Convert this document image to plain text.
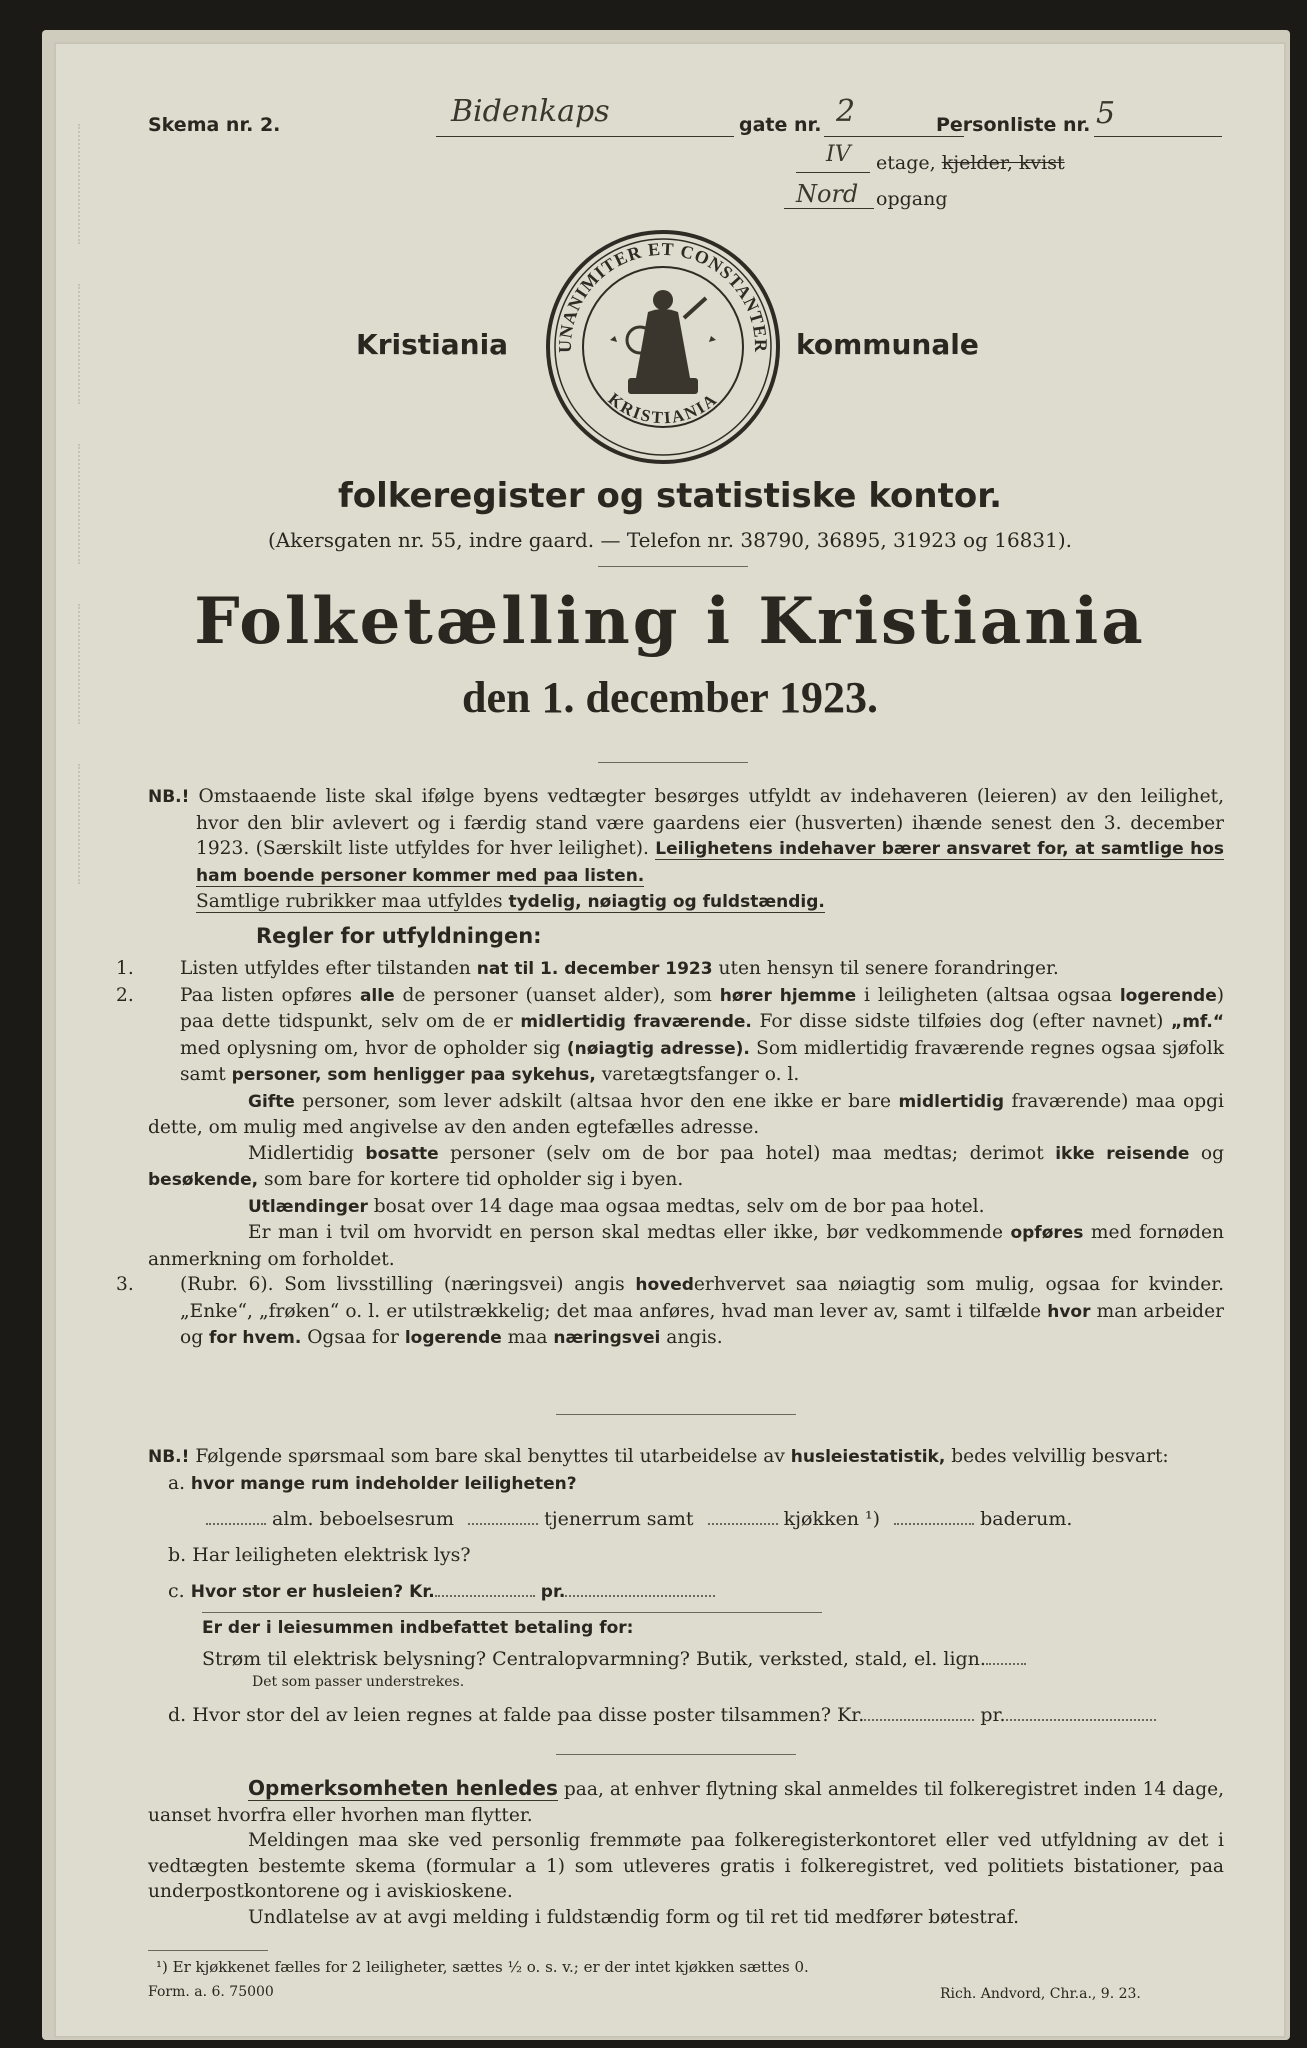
Skema nr. 2.	Bidenkaps	gate nr. 2	Personliste nr. 5
IV etage, kjelder, kvist
Nord opgang
Kristiania	kommunale
UNANIMITER ET CONSTANTER
KRISTIANIA
folkeregister og statistiske kontor.
(Akersgaten nr. 55, indre gaard. — Telefon nr. 38790, 36895, 31923 og 16831).
Folketælling i Kristiania
den 1. december 1923.

NB.! Omstaaende liste skal ifølge byens vedtægter besørges utfyldt av indehaveren (leieren) av den leilighet, hvor den blir avlevert og i færdig stand være gaardens eier (husverten) ihænde senest den 3. december 1923. (Særskilt liste utfyldes for hver leilighet). Leilighetens indehaver bærer ansvaret for, at samtlige hos ham boende personer kommer med paa listen.

Samtlige rubrikker maa utfyldes tydelig, nøiagtig og fuldstændig.

Regler for utfyldningen:

1. Listen utfyldes efter tilstanden nat til 1. december 1923 uten hensyn til senere forandringer.

2. Paa listen opføres alle de personer (uanset alder), som hører hjemme i leiligheten (altsaa ogsaa logerende) paa dette tidspunkt, selv om de er midlertidig fraværende. For disse sidste tilføies dog (efter navnet) „mf.“ med oplysning om, hvor de opholder sig (nøiagtig adresse). Som midlertidig fraværende regnes ogsaa sjøfolk samt personer, som henligger paa sykehus, varetægtsfanger o. l.

Gifte personer, som lever adskilt (altsaa hvor den ene ikke er bare midlertidig fraværende) maa opgi dette, om mulig med angivelse av den anden egtefælles adresse.

Midlertidig bosatte personer (selv om de bor paa hotel) maa medtas; derimot ikke reisende og besøkende, som bare for kortere tid opholder sig i byen.

Utlændinger bosat over 14 dage maa ogsaa medtas, selv om de bor paa hotel.

Er man i tvil om hvorvidt en person skal medtas eller ikke, bør vedkommende opføres med fornøden anmerkning om forholdet.

3. (Rubr. 6). Som livsstilling (næringsvei) angis hovederhvervet saa nøiagtig som mulig, ogsaa for kvinder. „Enke“, „frøken“ o. l. er utilstrækkelig; det maa anføres, hvad man lever av, samt i tilfælde hvor man arbeider og for hvem. Ogsaa for logerende maa næringsvei angis.

NB.! Følgende spørsmaal som bare skal benyttes til utarbeidelse av husleiestatistik, bedes velvillig besvart:

a. hvor mange rum indeholder leiligheten?

alm. beboelsesrum	tjenerrum samt	kjøkken ¹)	baderum.
b. Har leiligheten elektrisk lys?
c. Hvor stor er husleien? Kr.	pr.
Er der i leiesummen indbefattet betaling for:
Strøm til elektrisk belysning? Centralopvarmning? Butik, verksted, stald, el. lign.
Det som passer understrekes.
d. Hvor stor del av leien regnes at falde paa disse poster tilsammen? Kr.	pr.

Opmerksomheten henledes paa, at enhver flytning skal anmeldes til folkeregistret inden 14 dage, uanset hvorfra eller hvorhen man flytter.

Meldingen maa ske ved personlig fremmøte paa folkeregisterkontoret eller ved utfyldning av det i vedtægten bestemte skema (formular a 1) som utleveres gratis i folkeregistret, ved politiets bistationer, paa underpostkontorene og i aviskioskene.

Undlatelse av at avgi melding i fuldstændig form og til ret tid medfører bøtestraf.

¹) Er kjøkkenet fælles for 2 leiligheter, sættes ½ o. s. v.; er der intet kjøkken sættes 0.
Form. a. 6. 75000	Rich. Andvord, Chr.a., 9. 23.
